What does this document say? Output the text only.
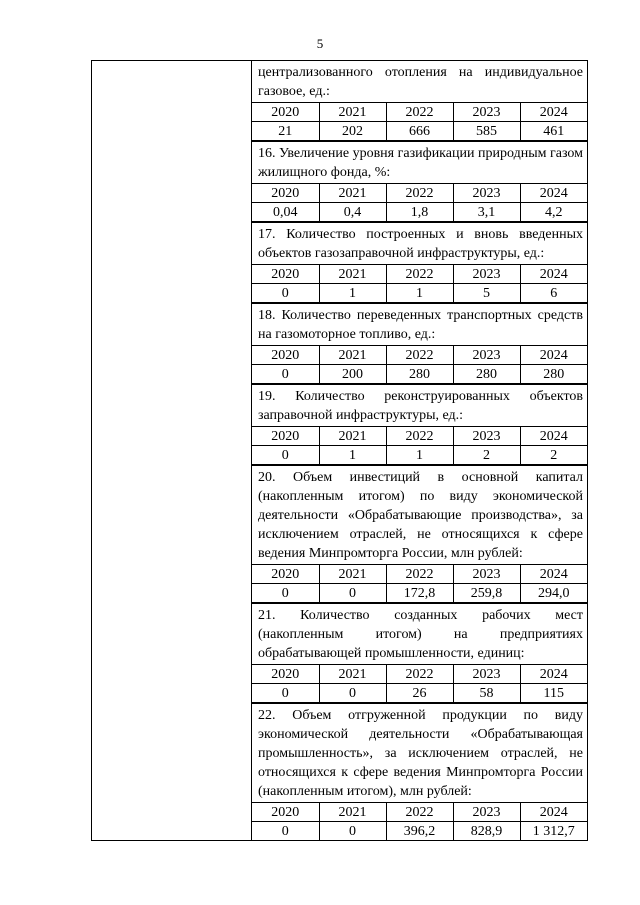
5

централизованного отопления на индивидуальное газовое, ед.:
2020	2021	2022	2023	2024
21	202	666	585	461
16. Увеличение уровня газификации природным газом жилищного фонда, %:
2020	2021	2022	2023	2024
0,04	0,4	1,8	3,1	4,2
17. Количество построенных и вновь введенных объектов газозаправочной инфраструктуры, ед.:
2020	2021	2022	2023	2024
0	1	1	5	6
18. Количество переведенных транспортных средств на газомоторное топливо, ед.:
2020	2021	2022	2023	2024
0	200	280	280	280
19. Количество реконструированных объектов заправочной инфраструктуры, ед.:
2020	2021	2022	2023	2024
0	1	1	2	2
20. Объем инвестиций в основной капитал (накопленным итогом) по виду экономической деятельности «Обрабатывающие производства», за исключением отраслей, не относящихся к сфере ведения Минпромторга России, млн рублей:
2020	2021	2022	2023	2024
0	0	172,8	259,8	294,0
21. Количество созданных рабочих мест (накопленным итогом) на предприятиях обрабатывающей промышленности, единиц:
2020	2021	2022	2023	2024
0	0	26	58	115
22. Объем отгруженной продукции по виду экономической деятельности «Обрабатывающая промышленность», за исключением отраслей, не относящихся к сфере ведения Минпромторга России (накопленным итогом), млн рублей:
2020	2021	2022	2023	2024
0	0	396,2	828,9	1 312,7
